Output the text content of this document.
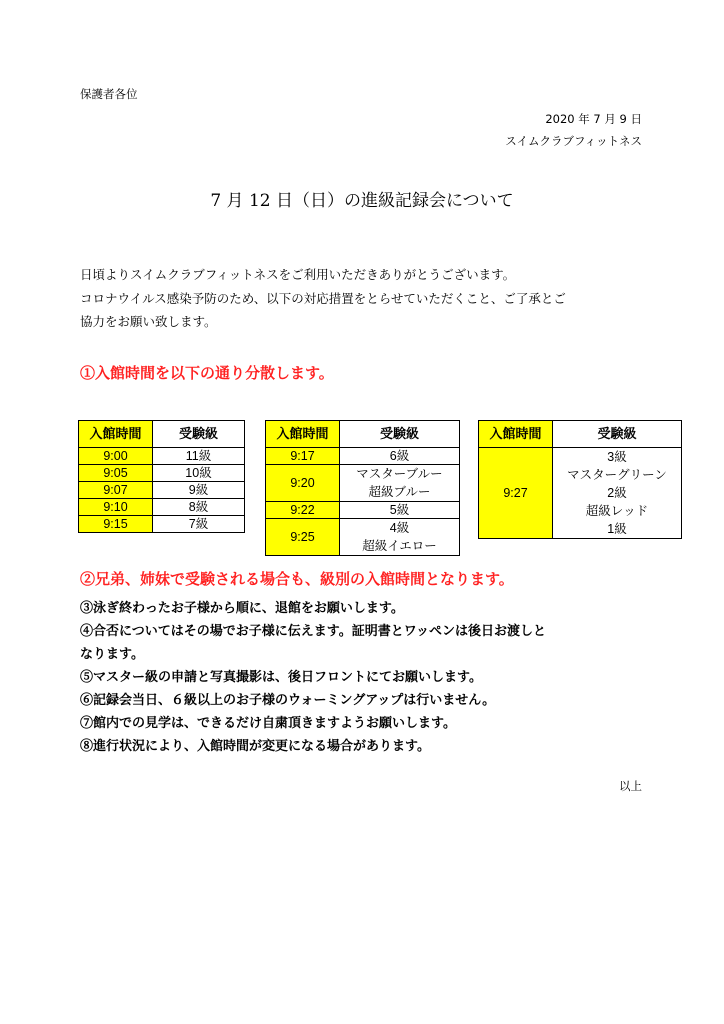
保護者各位
2020 年 7 月 9 日
スイムクラブフィットネス
7 月 12 日（日）の進級記録会について
日頃よりスイムクラブフィットネスをご利用いただきありがとうございます。
コロナウイルス感染予防のため、以下の対応措置をとらせていただくこと、ご了承とご
協力をお願い致します。
①入館時間を以下の通り分散します。
入館時間	受験級
9:00	11級
9:05	10級
9:07	9級
9:10	8級
9:15	7級
入館時間	受験級
9:17	6級
9:20	マスターブルー
超級ブルー

9:22	5級
9:25	4級
超級イエロー
入館時間	受験級
9:27	3級
マスターグリーン
2級
超級レッド
1級
②兄弟、姉妹で受験される場合も、級別の入館時間となります。
③泳ぎ終わったお子様から順に、退館をお願いします。
④合否についてはその場でお子様に伝えます。証明書とワッペンは後日お渡しと
なります。
⑤マスター級の申請と写真撮影は、後日フロントにてお願いします。
⑥記録会当日、６級以上のお子様のウォーミングアップは行いません。
⑦館内での見学は、できるだけ自粛頂きますようお願いします。
⑧進行状況により、入館時間が変更になる場合があります。
以上
